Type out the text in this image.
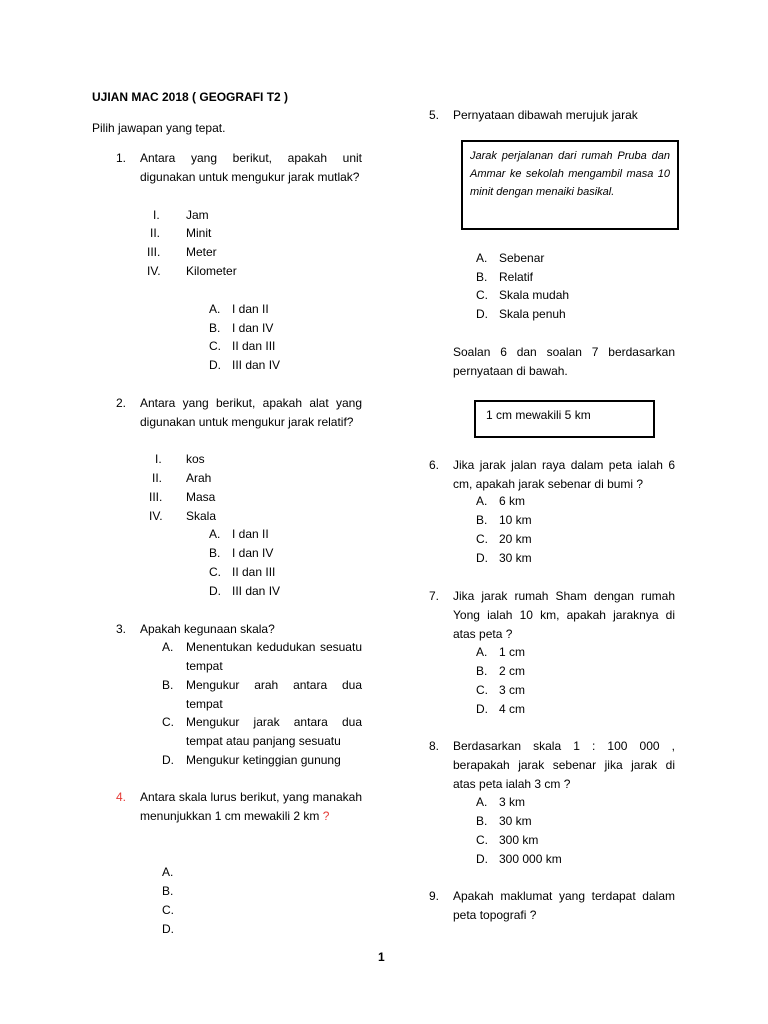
UJIAN MAC 2018 ( GEOGRAFI T2 )
Pilih jawapan yang tepat.
1.	Antara yang berikut, apakah unit digunakan untuk mengukur jarak mutlak?
I. Jam
II. Minit
III. Meter
IV. Kilometer
A. I dan II
B. I dan IV
C. II dan III
D. III dan IV
2.	Antara yang berikut, apakah alat yang digunakan untuk mengukur jarak relatif?
I. kos
II. Arah
III. Masa
IV. Skala
A. I dan II
B. I dan IV
C. II dan III
D. III dan IV
3.	Apakah kegunaan skala?
A.	Menentukan kedudukan sesuatu tempat
B.	Mengukur arah antara dua tempat
C.	Mengukur jarak antara dua tempat atau panjang sesuatu
D. Mengukur ketinggian gunung
4.	Antara skala lurus berikut, yang manakah menunjukkan 1 cm mewakili 2 km ?
A.
B.
C.
D.
5.	Pernyataan dibawah merujuk jarak
Jarak perjalanan dari rumah Pruba dan Ammar ke sekolah mengambil masa 10 minit dengan menaiki basikal.
A. Sebenar
B. Relatif
C. Skala mudah
D. Skala penuh
Soalan 6 dan soalan 7 berdasarkan pernyataan di bawah.
1 cm mewakili 5 km
6.	Jika jarak jalan raya dalam peta ialah 6 cm, apakah jarak sebenar di bumi ?
A. 6 km
B. 10 km
C. 20 km
D. 30 km
7.	Jika jarak rumah Sham dengan rumah Yong ialah 10 km, apakah jaraknya di atas peta ?
A. 1 cm
B. 2 cm
C. 3 cm
D. 4 cm
8.	Berdasarkan skala 1 : 100 000 , berapakah jarak sebenar jika jarak di atas peta ialah 3 cm ?
A. 3 km
B. 30 km
C. 300 km
D. 300 000 km
9.	Apakah maklumat yang terdapat dalam peta topografi ?
1
